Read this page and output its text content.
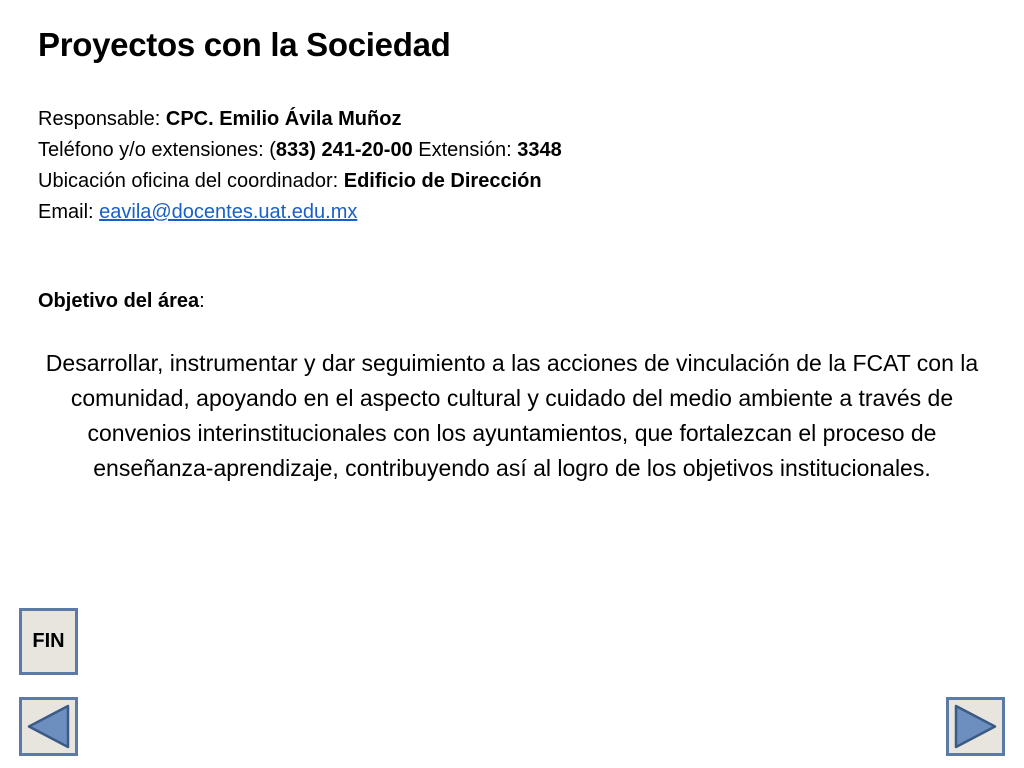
Proyectos con la Sociedad
Responsable: CPC. Emilio Ávila Muñoz
Teléfono y/o extensiones: (833) 241-20-00 Extensión: 3348
Ubicación oficina del coordinador: Edificio de Dirección
Email: eavila@docentes.uat.edu.mx
Objetivo del área:
Desarrollar, instrumentar y dar seguimiento a las acciones de vinculación de la FCAT con la comunidad, apoyando en el aspecto cultural y cuidado del medio ambiente a través de convenios interinstitucionales con los ayuntamientos, que fortalezcan el proceso de enseñanza-aprendizaje, contribuyendo así al logro de los objetivos institucionales.
FIN
